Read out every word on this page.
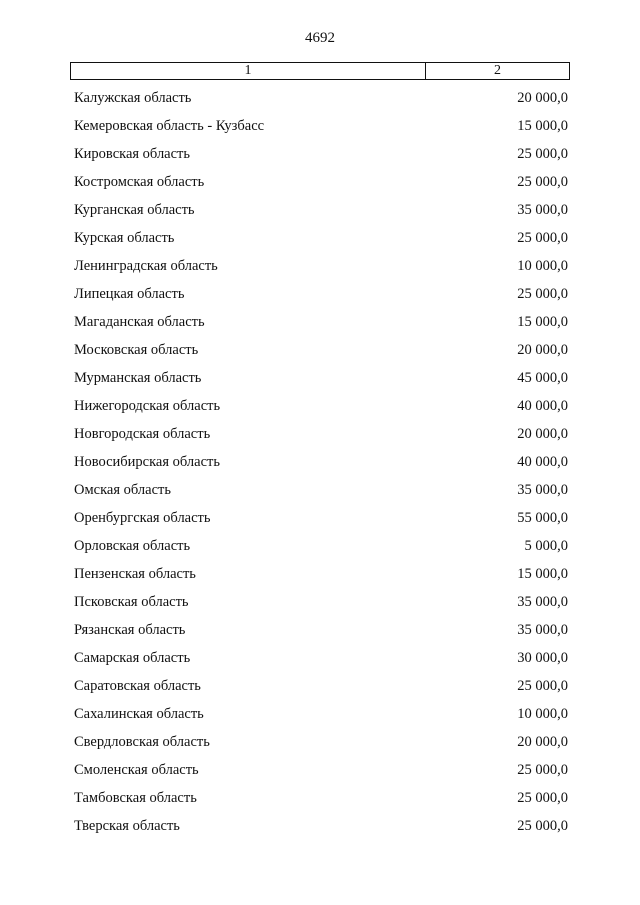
4692
1	2
Калужская область	20 000,0
Кемеровская область - Кузбасс	15 000,0
Кировская область	25 000,0
Костромская область	25 000,0
Курганская область	35 000,0
Курская область	25 000,0
Ленинградская область	10 000,0
Липецкая область	25 000,0
Магаданская область	15 000,0
Московская область	20 000,0
Мурманская область	45 000,0
Нижегородская область	40 000,0
Новгородская область	20 000,0
Новосибирская область	40 000,0
Омская область	35 000,0
Оренбургская область	55 000,0
Орловская область	5 000,0
Пензенская область	15 000,0
Псковская область	35 000,0
Рязанская область	35 000,0
Самарская область	30 000,0
Саратовская область	25 000,0
Сахалинская область	10 000,0
Свердловская область	20 000,0
Смоленская область	25 000,0
Тамбовская область	25 000,0
Тверская область	25 000,0
